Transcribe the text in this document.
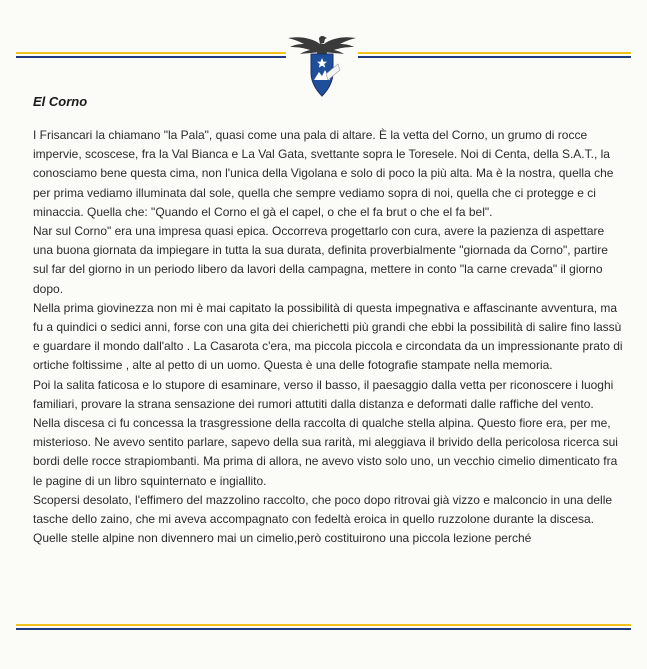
El Corno

I Frisancari la chiamano "la Pala", quasi come una pala di altare. È la vetta del Corno, un grumo di rocce impervie, scoscese, fra la Val Bianca e La Val Gata, svettante sopra le Toresele. Noi di Centa, della S.A.T., la conosciamo bene questa cima, non l'unica della Vigolana e solo di poco la più alta. Ma è la nostra, quella che per prima vediamo illuminata dal sole, quella che sempre vediamo sopra di noi, quella che ci protegge e ci minaccia. Quella che: "Quando el Corno el gà el capel, o che el fa brut o che el fa bel".

Nar sul Corno" era una impresa quasi epica. Occorreva progettarlo con cura, avere la pazienza di aspettare una buona giornata da impiegare in tutta la sua durata, definita proverbialmente "giornada da Corno", partire sul far del giorno in un periodo libero da lavori della campagna, mettere in conto "la carne crevada" il giorno dopo.

Nella prima giovinezza non mi è mai capitato la possibilità di questa impegnativa e affascinante avventura, ma fu a quindici o sedici anni, forse con una gita dei chierichetti più grandi che ebbi la possibilità di salire fino lassù e guardare il mondo dall'alto . La Casarota c'era, ma piccola piccola e circondata da un impressionante prato di ortiche foltissime , alte al petto di un uomo. Questa è una delle fotografie stampate nella memoria.

Poi la salita faticosa e lo stupore di esaminare, verso il basso, il paesaggio dalla vetta per riconoscere i luoghi familiari, provare la strana sensazione dei rumori attutiti dalla distanza e deformati dalle raffiche del vento.

Nella discesa ci fu concessa la trasgressione della raccolta di qualche stella alpina. Questo fiore era, per me, misterioso. Ne avevo sentito parlare, sapevo della sua rarità, mi aleggiava il brivido della pericolosa ricerca sui bordi delle rocce strapiombanti. Ma prima di allora, ne avevo visto solo uno, un vecchio cimelio dimenticato fra le pagine di un libro squinternato e ingiallito.

Scopersi desolato, l'effimero del mazzolino raccolto, che poco dopo ritrovai già vizzo e malconcio in una delle tasche dello zaino, che mi aveva accompagnato con fedeltà eroica in quello ruzzolone durante la discesa. Quelle stelle alpine non divennero mai un cimelio,però costituirono una piccola lezione perché
